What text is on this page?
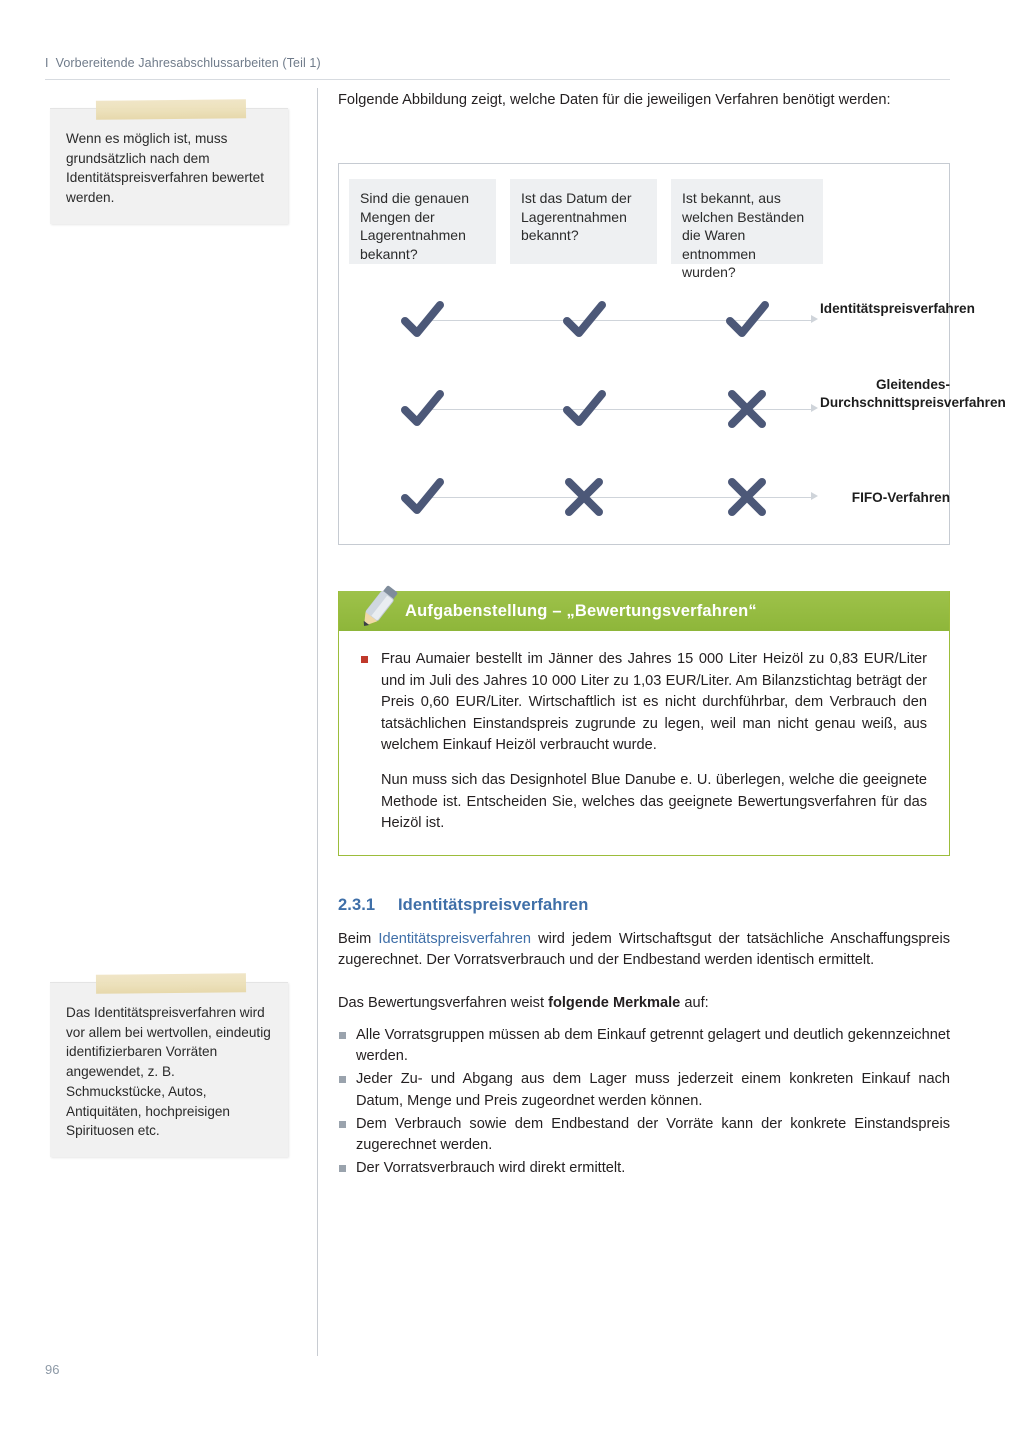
I Vorbereitende Jahresabschlussarbeiten (Teil 1)
Wenn es möglich ist, muss grundsätzlich nach dem Identitätspreisverfahren bewertet werden.
Das Identitätspreisverfahren wird vor allem bei wertvollen, eindeutig identifizierbaren Vorräten angewendet, z. B. Schmuckstücke, Autos, Antiquitäten, hochpreisigen Spirituosen etc.
96

Folgende Abbildung zeigt, welche Daten für die jeweiligen Verfahren benötigt werden:

Sind die genauen Mengen der Lagerentnahmen bekannt?
Ist das Datum der Lagerentnahmen bekannt?
Ist bekannt, aus welchen Beständen die Waren entnommen wurden?
Identitätspreisverfahren
Gleitendes-Durchschnittspreisverfahren
FIFO-Verfahren
Aufgabenstellung – „Bewertungsverfahren“
Frau Aumaier bestellt im Jänner des Jahres 15 000 Liter Heizöl zu 0,83 EUR/Liter und im Juli des Jahres 10 000 Liter zu 1,03 EUR/Liter. Am Bilanzstichtag beträgt der Preis 0,60 EUR/Liter. Wirtschaftlich ist es nicht durchführbar, dem Verbrauch den tatsächlichen Einstandspreis zugrunde zu legen, weil man nicht genau weiß, aus welchem Einkauf Heizöl verbraucht wurde.
Nun muss sich das Designhotel Blue Danube e. U. überlegen, welche die geeignete Methode ist. Entscheiden Sie, welches das geeignete Bewertungsverfahren für das Heizöl ist.
2.3.1 Identitätspreisverfahren

Beim Identitätspreisverfahren wird jedem Wirtschaftsgut der tatsächliche Anschaffungspreis zugerechnet. Der Vorratsverbrauch und der Endbestand werden identisch ermittelt.

Das Bewertungsverfahren weist folgende Merkmale auf:

Alle Vorratsgruppen müssen ab dem Einkauf getrennt gelagert und deutlich gekennzeichnet werden.
Jeder Zu- und Abgang aus dem Lager muss jederzeit einem konkreten Einkauf nach Datum, Menge und Preis zugeordnet werden können.
Dem Verbrauch sowie dem Endbestand der Vorräte kann der konkrete Einstandspreis zugerechnet werden.
Der Vorratsverbrauch wird direkt ermittelt.
